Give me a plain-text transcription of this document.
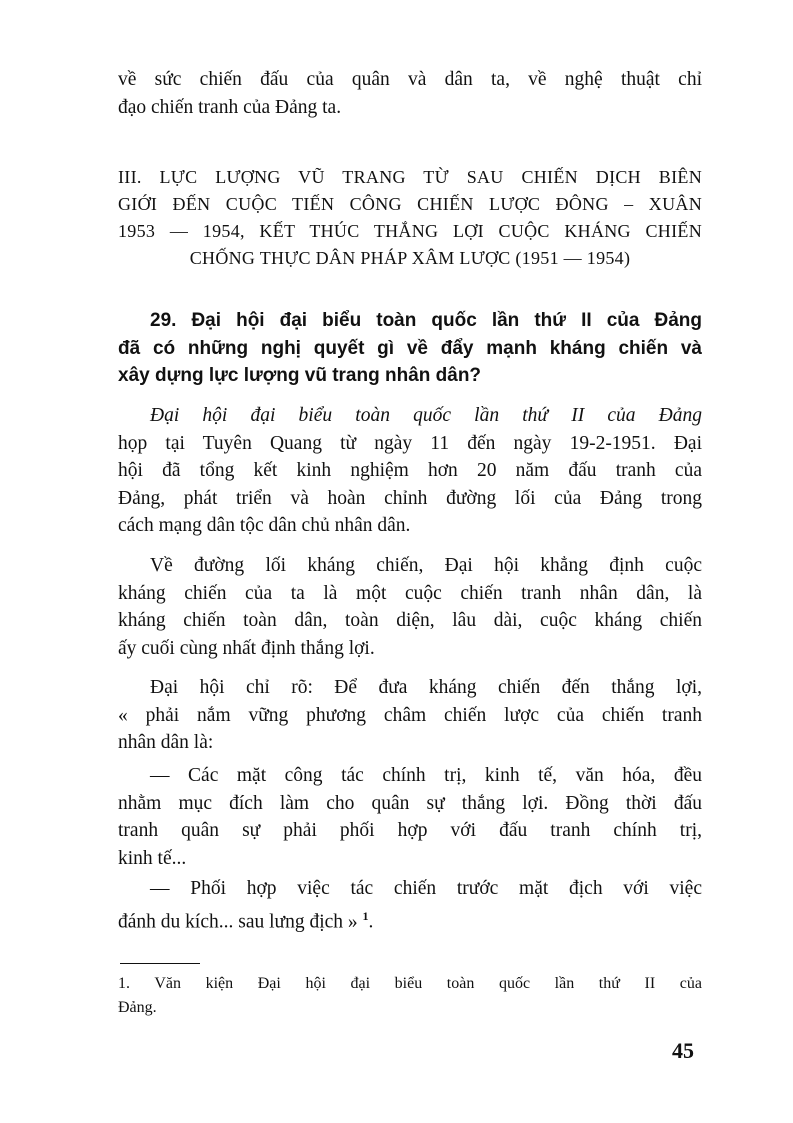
về sức chiến đấu của quân và dân ta, về nghệ thuật chỉ
đạo chiến tranh của Đảng ta.
III. LỰC LƯỢNG VŨ TRANG TỪ SAU CHIẾN DỊCH BIÊN
GIỚI ĐẾN CUỘC TIẾN CÔNG CHIẾN LƯỢC ĐÔNG – XUÂN
1953 — 1954, KẾT THÚC THẮNG LỢI CUỘC KHÁNG CHIẾN
CHỐNG THỰC DÂN PHÁP XÂM LƯỢC (1951 — 1954)
29. Đại hội đại biểu toàn quốc lần thứ II của Đảng
đã có những nghị quyết gì về đẩy mạnh kháng chiến và
xây dựng lực lượng vũ trang nhân dân?
Đại hội đại biểu toàn quốc lần thứ II của Đảng
họp tại Tuyên Quang từ ngày 11 đến ngày 19-2-1951. Đại
hội đã tổng kết kinh nghiệm hơn 20 năm đấu tranh của
Đảng, phát triển và hoàn chỉnh đường lối của Đảng trong
cách mạng dân tộc dân chủ nhân dân.
Về đường lối kháng chiến, Đại hội khẳng định cuộc
kháng chiến của ta là một cuộc chiến tranh nhân dân, là
kháng chiến toàn dân, toàn diện, lâu dài, cuộc kháng chiến
ấy cuối cùng nhất định thắng lợi.
Đại hội chỉ rõ: Để đưa kháng chiến đến thắng lợi,
« phải nắm vững phương châm chiến lược của chiến tranh
nhân dân là:
— Các mặt công tác chính trị, kinh tế, văn hóa, đều
nhằm mục đích làm cho quân sự thắng lợi. Đồng thời đấu
tranh quân sự phải phối hợp với đấu tranh chính trị,
kinh tế...
— Phối hợp việc tác chiến trước mặt địch với việc
đánh du kích... sau lưng địch » $^1$.
1. Văn kiện Đại hội đại biểu toàn quốc lần thứ II của
Đảng.
45
